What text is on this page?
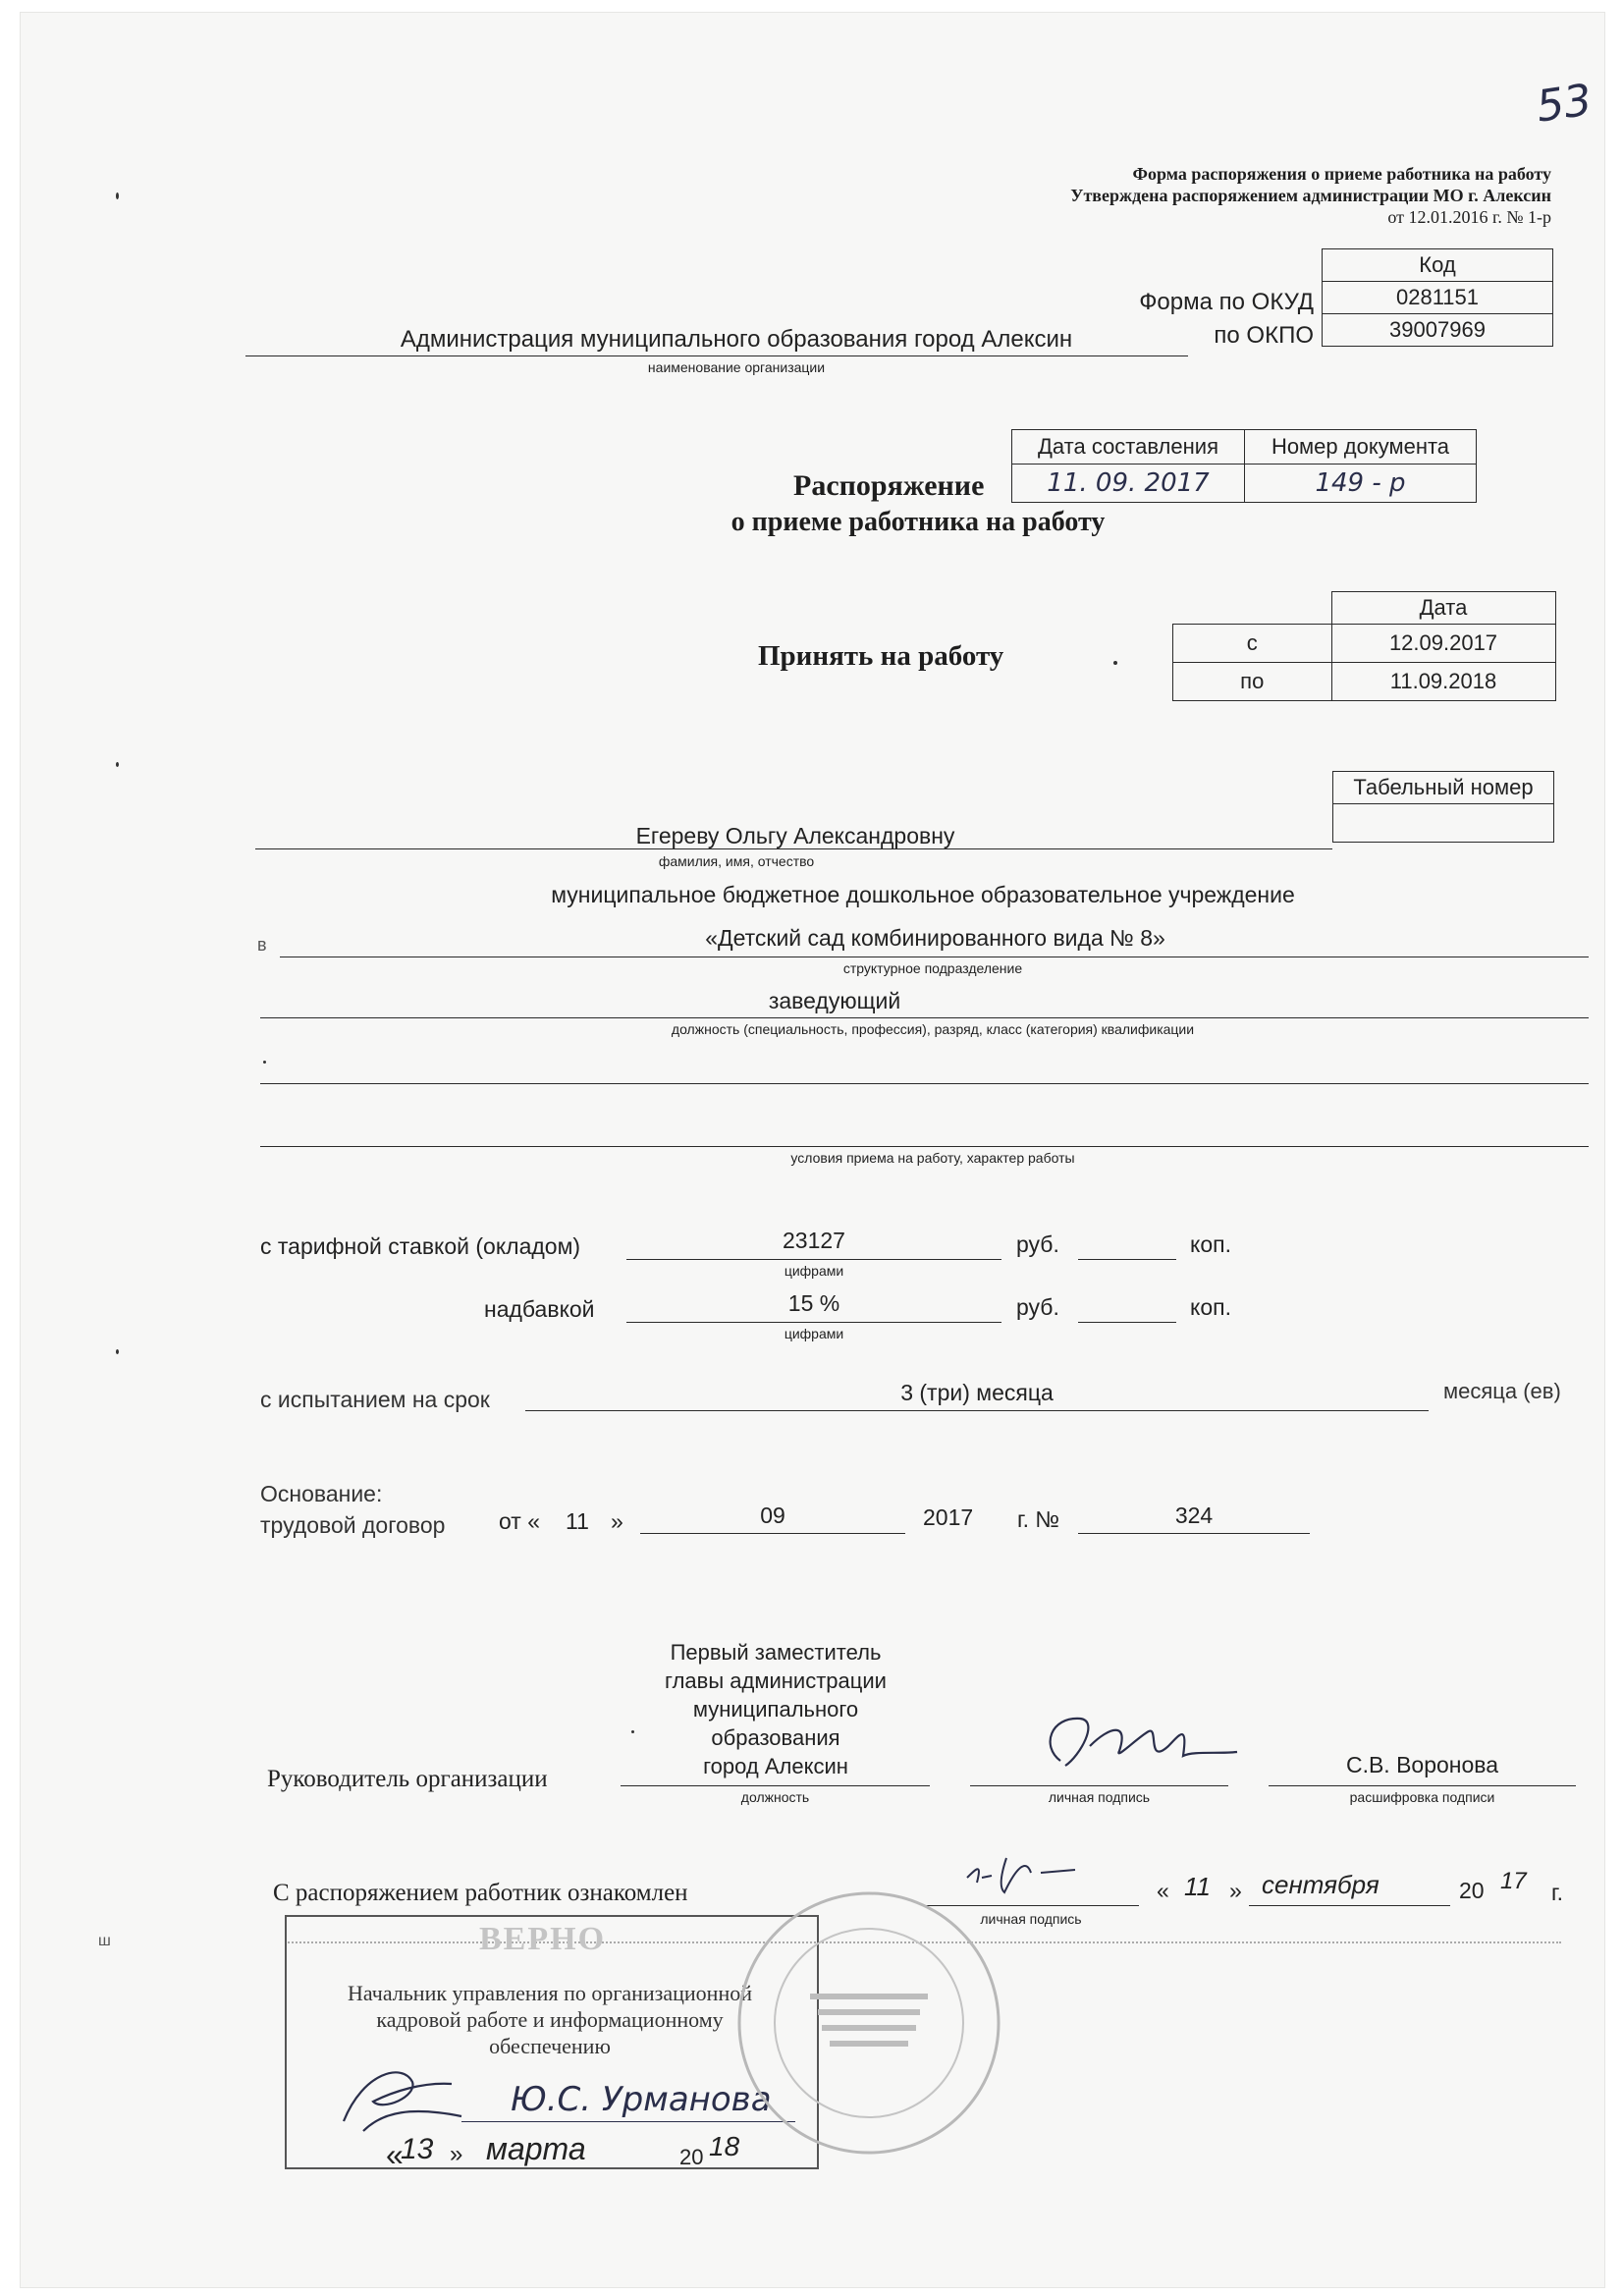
53
Форма распоряжения о приеме работника на работу
Утверждена распоряжением администрации МО г. Алексин
от 12.01.2016 г. № 1-р
Код
0281151
39007969
Форма по ОКУД
по ОКПО
Администрация муниципального образования город Алексин
наименование организации
Дата составления	Номер документа
11. 09. 2017	149 - р
Распоряжение
о приеме работника на работу
	Дата
с	12.09.2017
по	11.09.2018
Принять на работу
Табельный номер

Егереву Ольгу Александровну
фамилия, имя, отчество
муниципальное бюджетное дошкольное образовательное учреждение
в	«Детский сад комбинированного вида № 8»
структурное подразделение
заведующий
должность (специальность, профессия), разряд, класс (категория) квалификации
условия приема на работу, характер работы
с тарифной ставкой (окладом)	23127	руб.	коп.
цифрами
надбавкой	15 %	руб.	коп.
цифрами
с испытанием на срок	3 (три) месяца	месяца (ев)
Основание:
трудовой договор от « 11 »	09	2017 г. №	324
Первый заместитель
главы администрации
муниципального
образования
город Алексин
Руководитель организации
должность	личная подпись
С.В. Воронова
расшифровка подписи
С распоряжением работник ознакомлен
личная подпись
« 11 » сентября	20 17 г.
ш	ВЕРНО
Начальник управления по организационной
кадровой работе и информационному
обеспечению
Ю.С. Урманова
«
13 » марта	20 18
